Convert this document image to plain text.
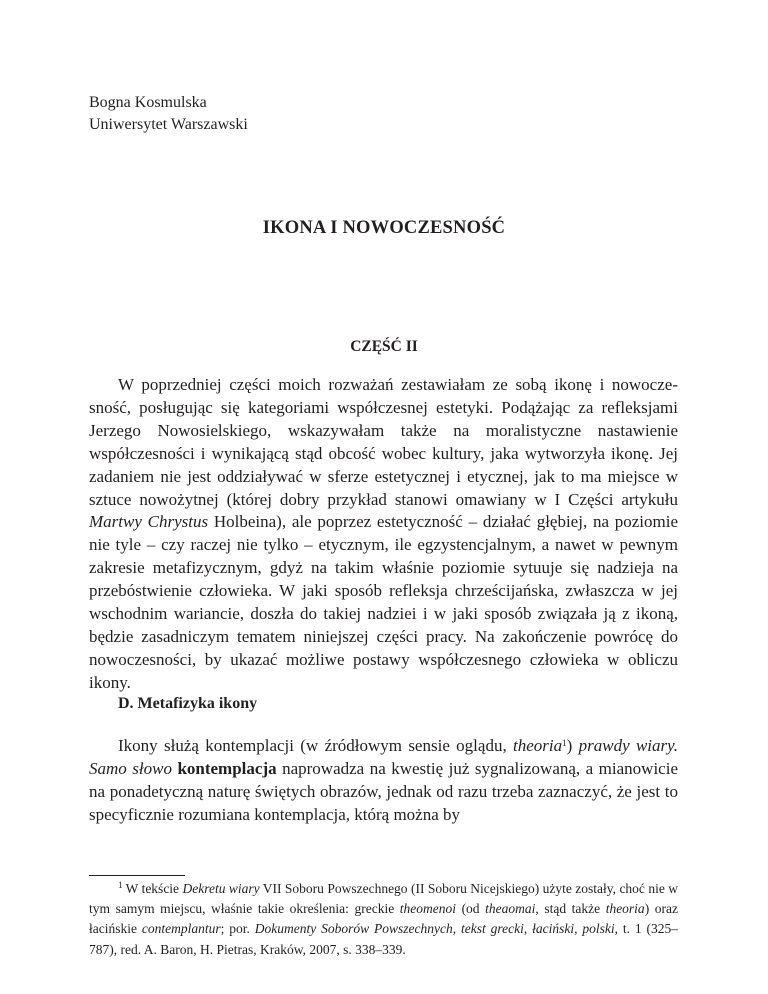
Bogna Kosmulska
Uniwersytet Warszawski
IKONA I NOWOCZESNOŚĆ
CZĘŚĆ II

W poprzedniej części moich rozważań zestawiałam ze sobą ikonę i nowoczesność, posługując się kategoriami współczesnej estetyki. Podążając za refleksjami Jerzego Nowosielskiego, wskazywałam także na moralistyczne nastawienie współczesności i wynikającą stąd obcość wobec kultury, jaka wytworzyła ikonę. Jej zadaniem nie jest oddziaływać w sferze estetycznej i etycznej, jak to ma miejsce w sztuce nowożytnej (której dobry przykład stanowi omawiany w I Części artykułu Martwy Chrystus Holbeina), ale poprzez estetyczność – działać głębiej, na poziomie nie tyle – czy raczej nie tylko – etycznym, ile egzystencjalnym, a nawet w pewnym zakresie metafizycznym, gdyż na takim właśnie poziomie sytuuje się nadzieja na przebóstwienie człowieka. W jaki sposób refleksja chrześcijańska, zwłaszcza w jej wschodnim wariancie, doszła do takiej nadziei i w jaki sposób związała ją z ikoną, będzie zasadniczym tematem niniejszej części pracy. Na zakończenie powrócę do nowoczesności, by ukazać możliwe postawy współczesnego człowieka w obliczu ikony.

D. Metafizyka ikony

Ikony służą kontemplacji (w źródłowym sensie oglądu, theoria$^1$) prawdy wiary. Samo słowo kontemplacja naprowadza na kwestię już sygnalizowaną, a mianowicie na ponadetyczną naturę świętych obrazów, jednak od razu trzeba zaznaczyć, że jest to specyficznie rozumiana kontemplacja, którą można by

$^1$ W tekście Dekretu wiary VII Soboru Powszechnego (II Soboru Nicejskiego) użyte zostały, choć nie w tym samym miejscu, właśnie takie określenia: greckie theomenoi (od theaomai, stąd także theoria) oraz łacińskie contemplantur; por. Dokumenty Soborów Powszechnych, tekst grecki, łaciński, polski, t. 1 (325–787), red. A. Baron, H. Pietras, Kraków, 2007, s. 338–339.
